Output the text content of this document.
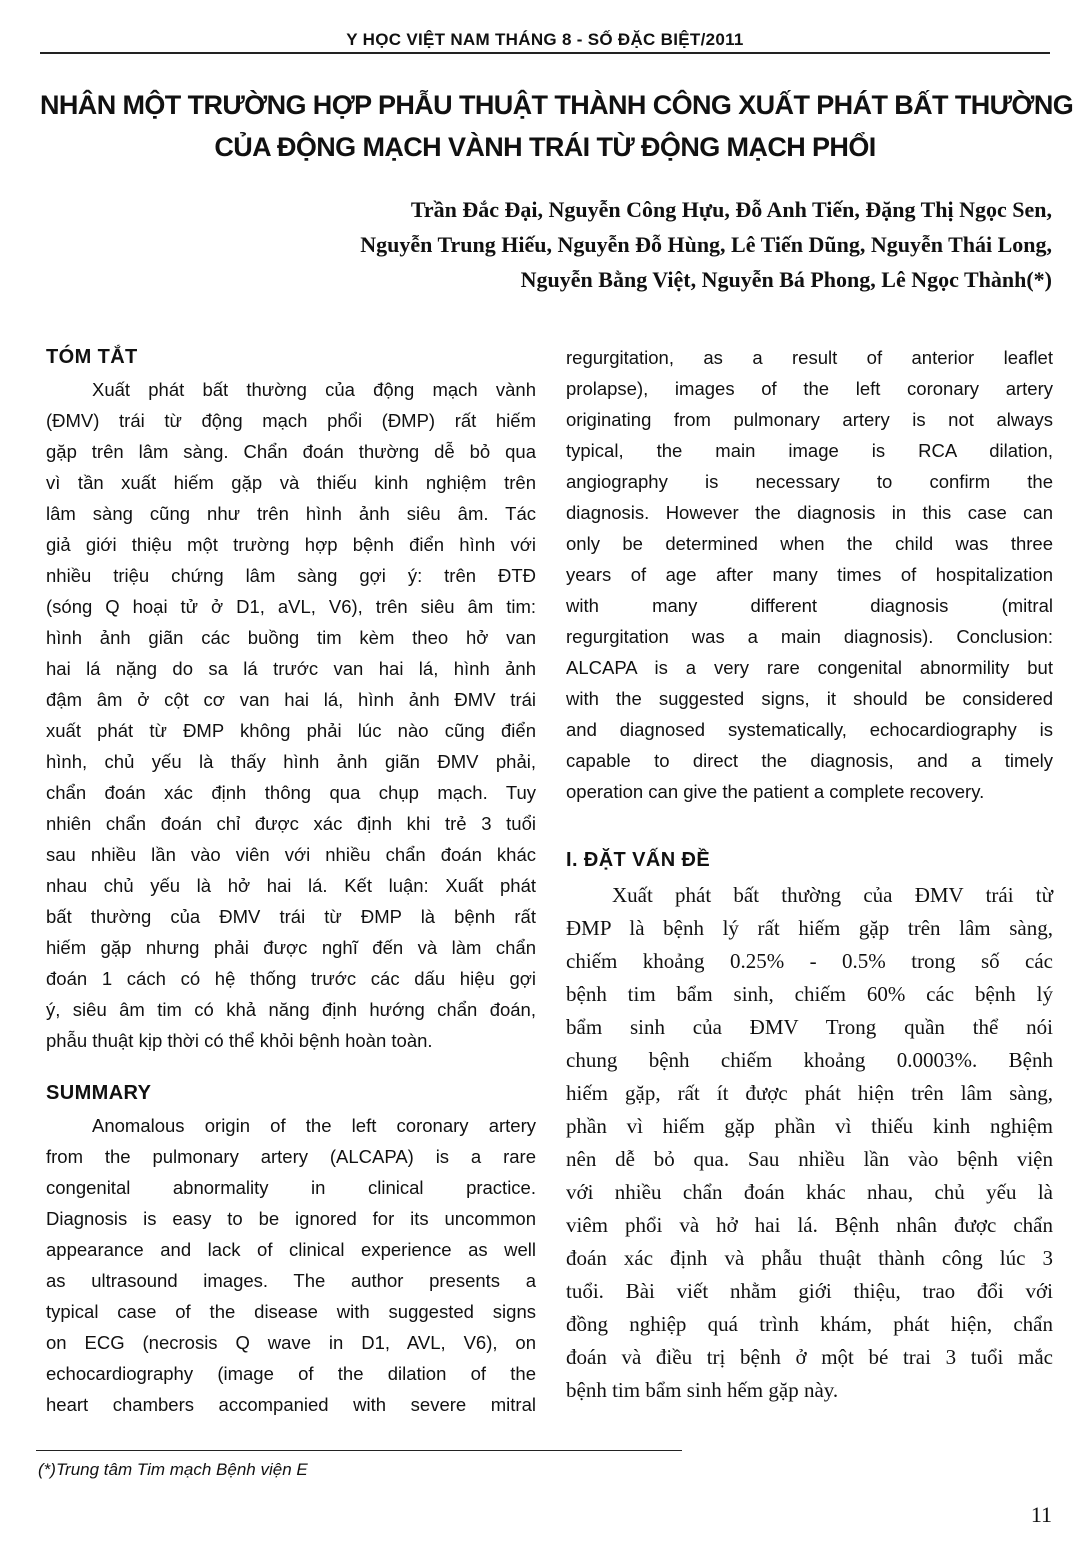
Y HỌC VIỆT NAM THÁNG 8 - SỐ ĐẶC BIỆT/2011
NHÂN MỘT TRƯỜNG HỢP PHẪU THUẬT THÀNH CÔNG XUẤT PHÁT BẤT THƯỜNG
CỦA ĐỘNG MẠCH VÀNH TRÁI TỪ ĐỘNG MẠCH PHỔI
Trần Đắc Đại, Nguyễn Công Hựu, Đỗ Anh Tiến, Đặng Thị Ngọc Sen,
Nguyễn Trung Hiếu, Nguyễn Đỗ Hùng, Lê Tiến Dũng, Nguyễn Thái Long,
Nguyễn Bằng Việt, Nguyễn Bá Phong, Lê Ngọc Thành(*)
TÓM TẮT
Xuất phát bất thường của động mạch vành
(ĐMV) trái từ động mạch phổi (ĐMP) rất hiếm
gặp trên lâm sàng. Chẩn đoán thường dễ bỏ qua
vì tần xuất hiếm gặp và thiếu kinh nghiệm trên
lâm sàng cũng như trên hình ảnh siêu âm. Tác
giả giới thiệu một trường hợp bệnh điển hình với
nhiều triệu chứng lâm sàng gợi ý: trên ĐTĐ
(sóng Q hoại tử ở D1, aVL, V6), trên siêu âm tim:
hình ảnh giãn các buồng tim kèm theo hở van
hai lá nặng do sa lá trước van hai lá, hình ảnh
đậm âm ở cột cơ van hai lá, hình ảnh ĐMV trái
xuất phát từ ĐMP không phải lúc nào cũng điển
hình, chủ yếu là thấy hình ảnh giãn ĐMV phải,
chẩn đoán xác định thông qua chụp mạch. Tuy
nhiên chẩn đoán chỉ được xác định khi trẻ 3 tuổi
sau nhiều lần vào viên với nhiều chẩn đoán khác
nhau chủ yếu là hở hai lá. Kết luận: Xuất phát
bất thường của ĐMV trái từ ĐMP là bệnh rất
hiếm gặp nhưng phải được nghĩ đến và làm chẩn
đoán 1 cách có hệ thống trước các dấu hiệu gợi
ý, siêu âm tim có khả năng định hướng chẩn đoán,
phẫu thuật kịp thời có thể khỏi bệnh hoàn toàn.
SUMMARY
Anomalous origin of the left coronary artery
from the pulmonary artery (ALCAPA) is a rare
congenital abnormality in clinical practice.
Diagnosis is easy to be ignored for its uncommon
appearance and lack of clinical experience as well
as ultrasound images. The author presents a
typical case of the disease with suggested signs
on ECG (necrosis Q wave in D1, AVL, V6), on
echocardiography (image of the dilation of the
heart chambers accompanied with severe mitral
regurgitation, as a result of anterior leaflet
prolapse), images of the left coronary artery
originating from pulmonary artery is not always
typical, the main image is RCA dilation,
angiography is necessary to confirm the
diagnosis. However the diagnosis in this case can
only be determined when the child was three
years of age after many times of hospitalization
with many different diagnosis (mitral
regurgitation was a main diagnosis). Conclusion:
ALCAPA is a very rare congenital abnormility but
with the suggested signs, it should be considered
and diagnosed systematically, echocardiography is
capable to direct the diagnosis, and a timely
operation can give the patient a complete recovery.
I. ĐẶT VẤN ĐỀ
Xuất phát bất thường của ĐMV trái từ
ĐMP là bệnh lý rất hiếm gặp trên lâm sàng,
chiếm khoảng 0.25% - 0.5% trong số các
bệnh tim bẩm sinh, chiếm 60% các bệnh lý
bẩm sinh của ĐMV Trong quần thể nói
chung bệnh chiếm khoảng 0.0003%. Bệnh
hiếm gặp, rất ít được phát hiện trên lâm sàng,
phần vì hiếm gặp phần vì thiếu kinh nghiệm
nên dễ bỏ qua. Sau nhiều lần vào bệnh viện
với nhiều chẩn đoán khác nhau, chủ yếu là
viêm phổi và hở hai lá. Bệnh nhân được chẩn
đoán xác định và phẫu thuật thành công lúc 3
tuổi. Bài viết nhằm giới thiệu, trao đổi với
đồng nghiệp quá trình khám, phát hiện, chẩn
đoán và điều trị bệnh ở một bé trai 3 tuổi mắc
bệnh tim bẩm sinh hếm gặp này.
(*)Trung tâm Tim mạch Bệnh viện E
11
